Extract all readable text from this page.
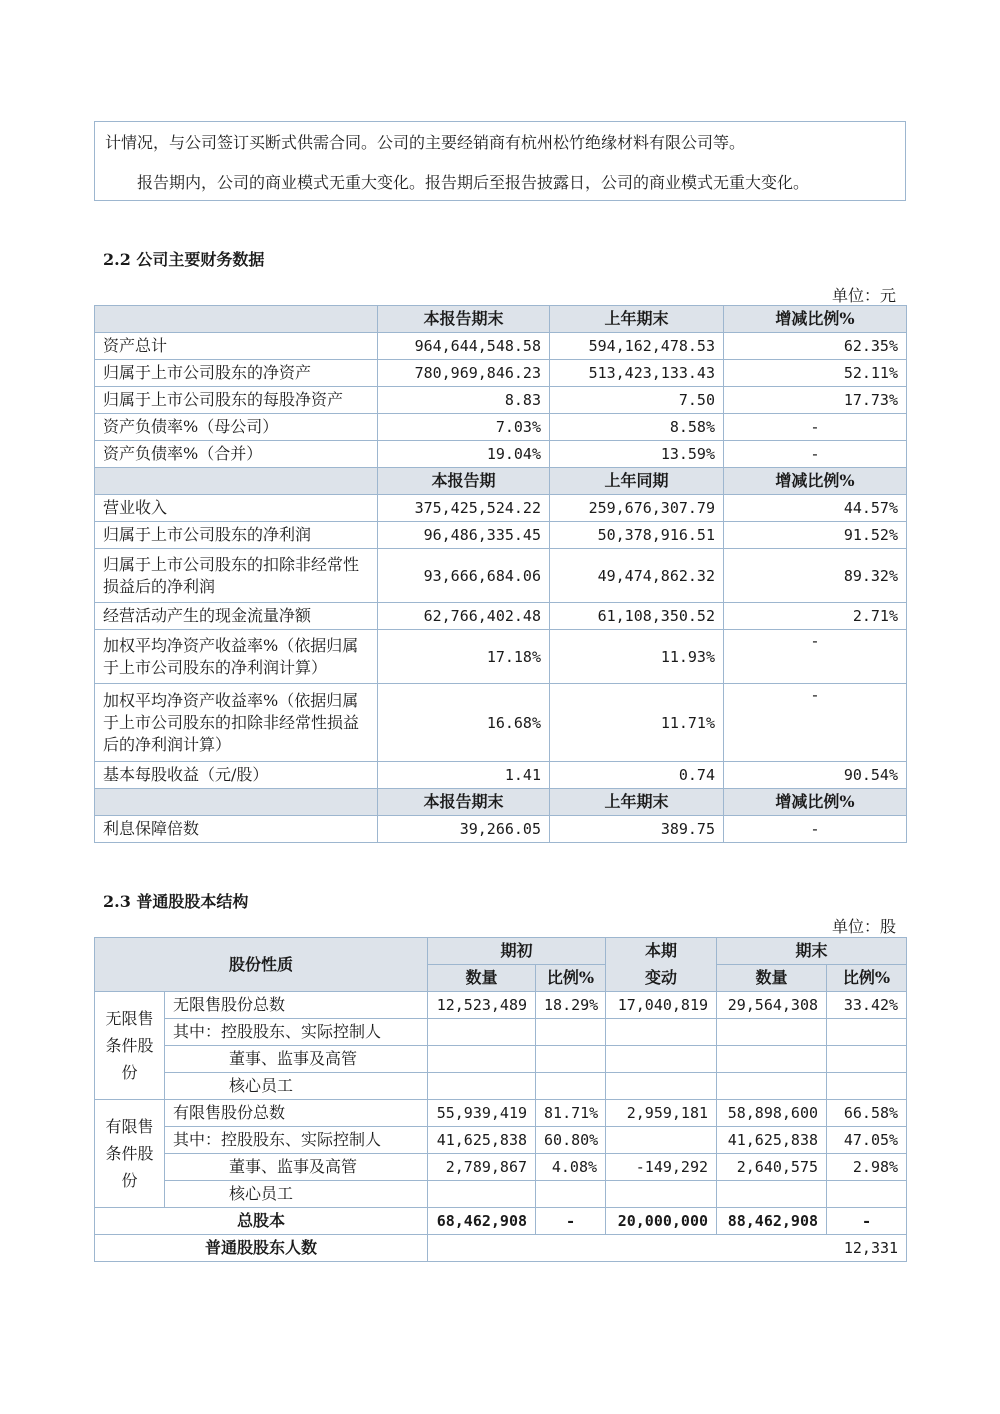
计情况，与公司签订买断式供需合同。公司的主要经销商有杭州松竹绝缘材料有限公司等。

报告期内，公司的商业模式无重大变化。报告期后至报告披露日，公司的商业模式无重大变化。

2.2 公司主要财务数据
单位：元
	本报告期末	上年期末	增减比例%
资产总计	964,644,548.58	594,162,478.53	62.35%
归属于上市公司股东的净资产	780,969,846.23	513,423,133.43	52.11%
归属于上市公司股东的每股净资产	8.83	7.50	17.73%
资产负债率%（母公司）	7.03%	8.58%	-
资产负债率%（合并）	19.04%	13.59%	-
	本报告期	上年同期	增减比例%
营业收入	375,425,524.22	259,676,307.79	44.57%
归属于上市公司股东的净利润	96,486,335.45	50,378,916.51	91.52%
归属于上市公司股东的扣除非经常性损益后的净利润	93,666,684.06	49,474,862.32	89.32%
经营活动产生的现金流量净额	62,766,402.48	61,108,350.52	2.71%
加权平均净资产收益率%（依据归属于上市公司股东的净利润计算）	17.18%	11.93%	-
加权平均净资产收益率%（依据归属于上市公司股东的扣除非经常性损益后的净利润计算）	16.68%	11.71%	-
基本每股收益（元/股）	1.41	0.74	90.54%
	本报告期末	上年期末	增减比例%
利息保障倍数	39,266.05	389.75	-
2.3 普通股股本结构
单位：股
股份性质		期初		本期	期末	
		数量	比例%	变动	数量	比例%
无限售条件股份	无限售股份总数	12,523,489	18.29%	17,040,819	29,564,308	33.42%
	其中：控股股东、实际控制人					
	董事、监事及高管					
	核心员工					
有限售条件股份	有限售股份总数	55,939,419	81.71%	2,959,181	58,898,600	66.58%
	其中：控股股东、实际控制人	41,625,838	60.80%		41,625,838	47.05%
	董事、监事及高管	2,789,867	4.08%	-149,292	2,640,575	2.98%
	核心员工					
总股本		68,462,908	-	20,000,000	88,462,908	-
普通股股东人数		12,331				
